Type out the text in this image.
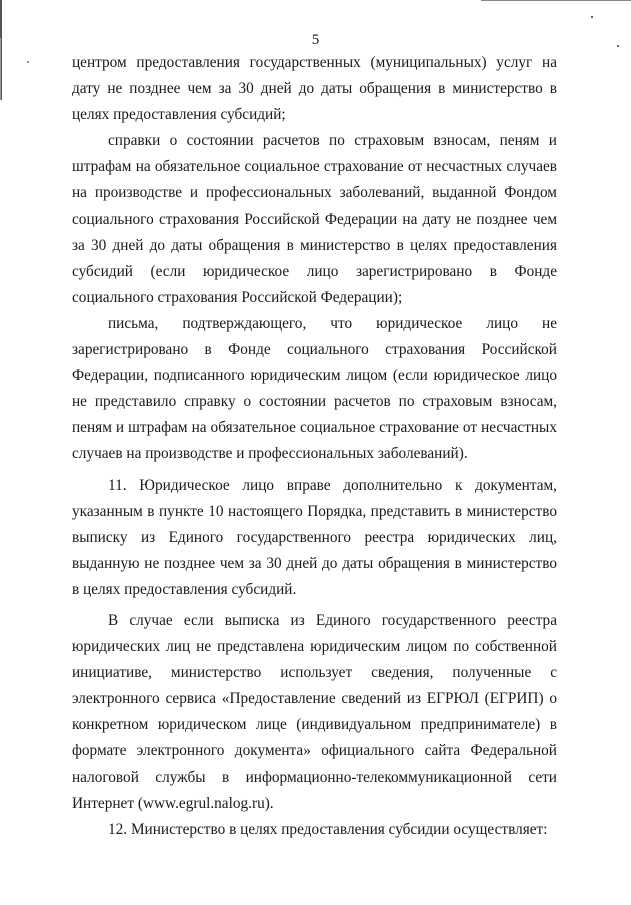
5

центром предоставления государственных (муниципальных) услуг на дату не позднее чем за 30 дней до даты обращения в министерство в целях предоставления субсидий;

справки о состоянии расчетов по страховым взносам, пеням и штрафам на обязательное социальное страхование от несчастных случаев на производстве и профессиональных заболеваний, выданной Фондом социального страхования Российской Федерации на дату не позднее чем за 30 дней до даты обращения в министерство в целях предоставления субсидий (если юридическое лицо зарегистрировано в Фонде социального страхования Российской Федерации);

письма, подтверждающего, что юридическое лицо не зарегистрировано в Фонде социального страхования Российской Федерации, подписанного юридическим лицом (если юридическое лицо не представило справку о состоянии расчетов по страховым взносам, пеням и штрафам на обязательное социальное страхование от несчастных случаев на производстве и профессиональных заболеваний).

11. Юридическое лицо вправе дополнительно к документам, указанным в пункте 10 настоящего Порядка, представить в министерство выписку из Единого государственного реестра юридических лиц, выданную не позднее чем за 30 дней до даты обращения в министерство в целях предоставления субсидий.

В случае если выписка из Единого государственного реестра юридических лиц не представлена юридическим лицом по собственной инициативе, министерство использует сведения, полученные с электронного сервиса «Предоставление сведений из ЕГРЮЛ (ЕГРИП) о конкретном юридическом лице (индивидуальном предпринимателе) в формате электронного документа» официального сайта Федеральной налоговой службы в информационно-телекоммуникационной сети Интернет (www.egrul.nalog.ru).

12. Министерство в целях предоставления субсидии осуществляет:
